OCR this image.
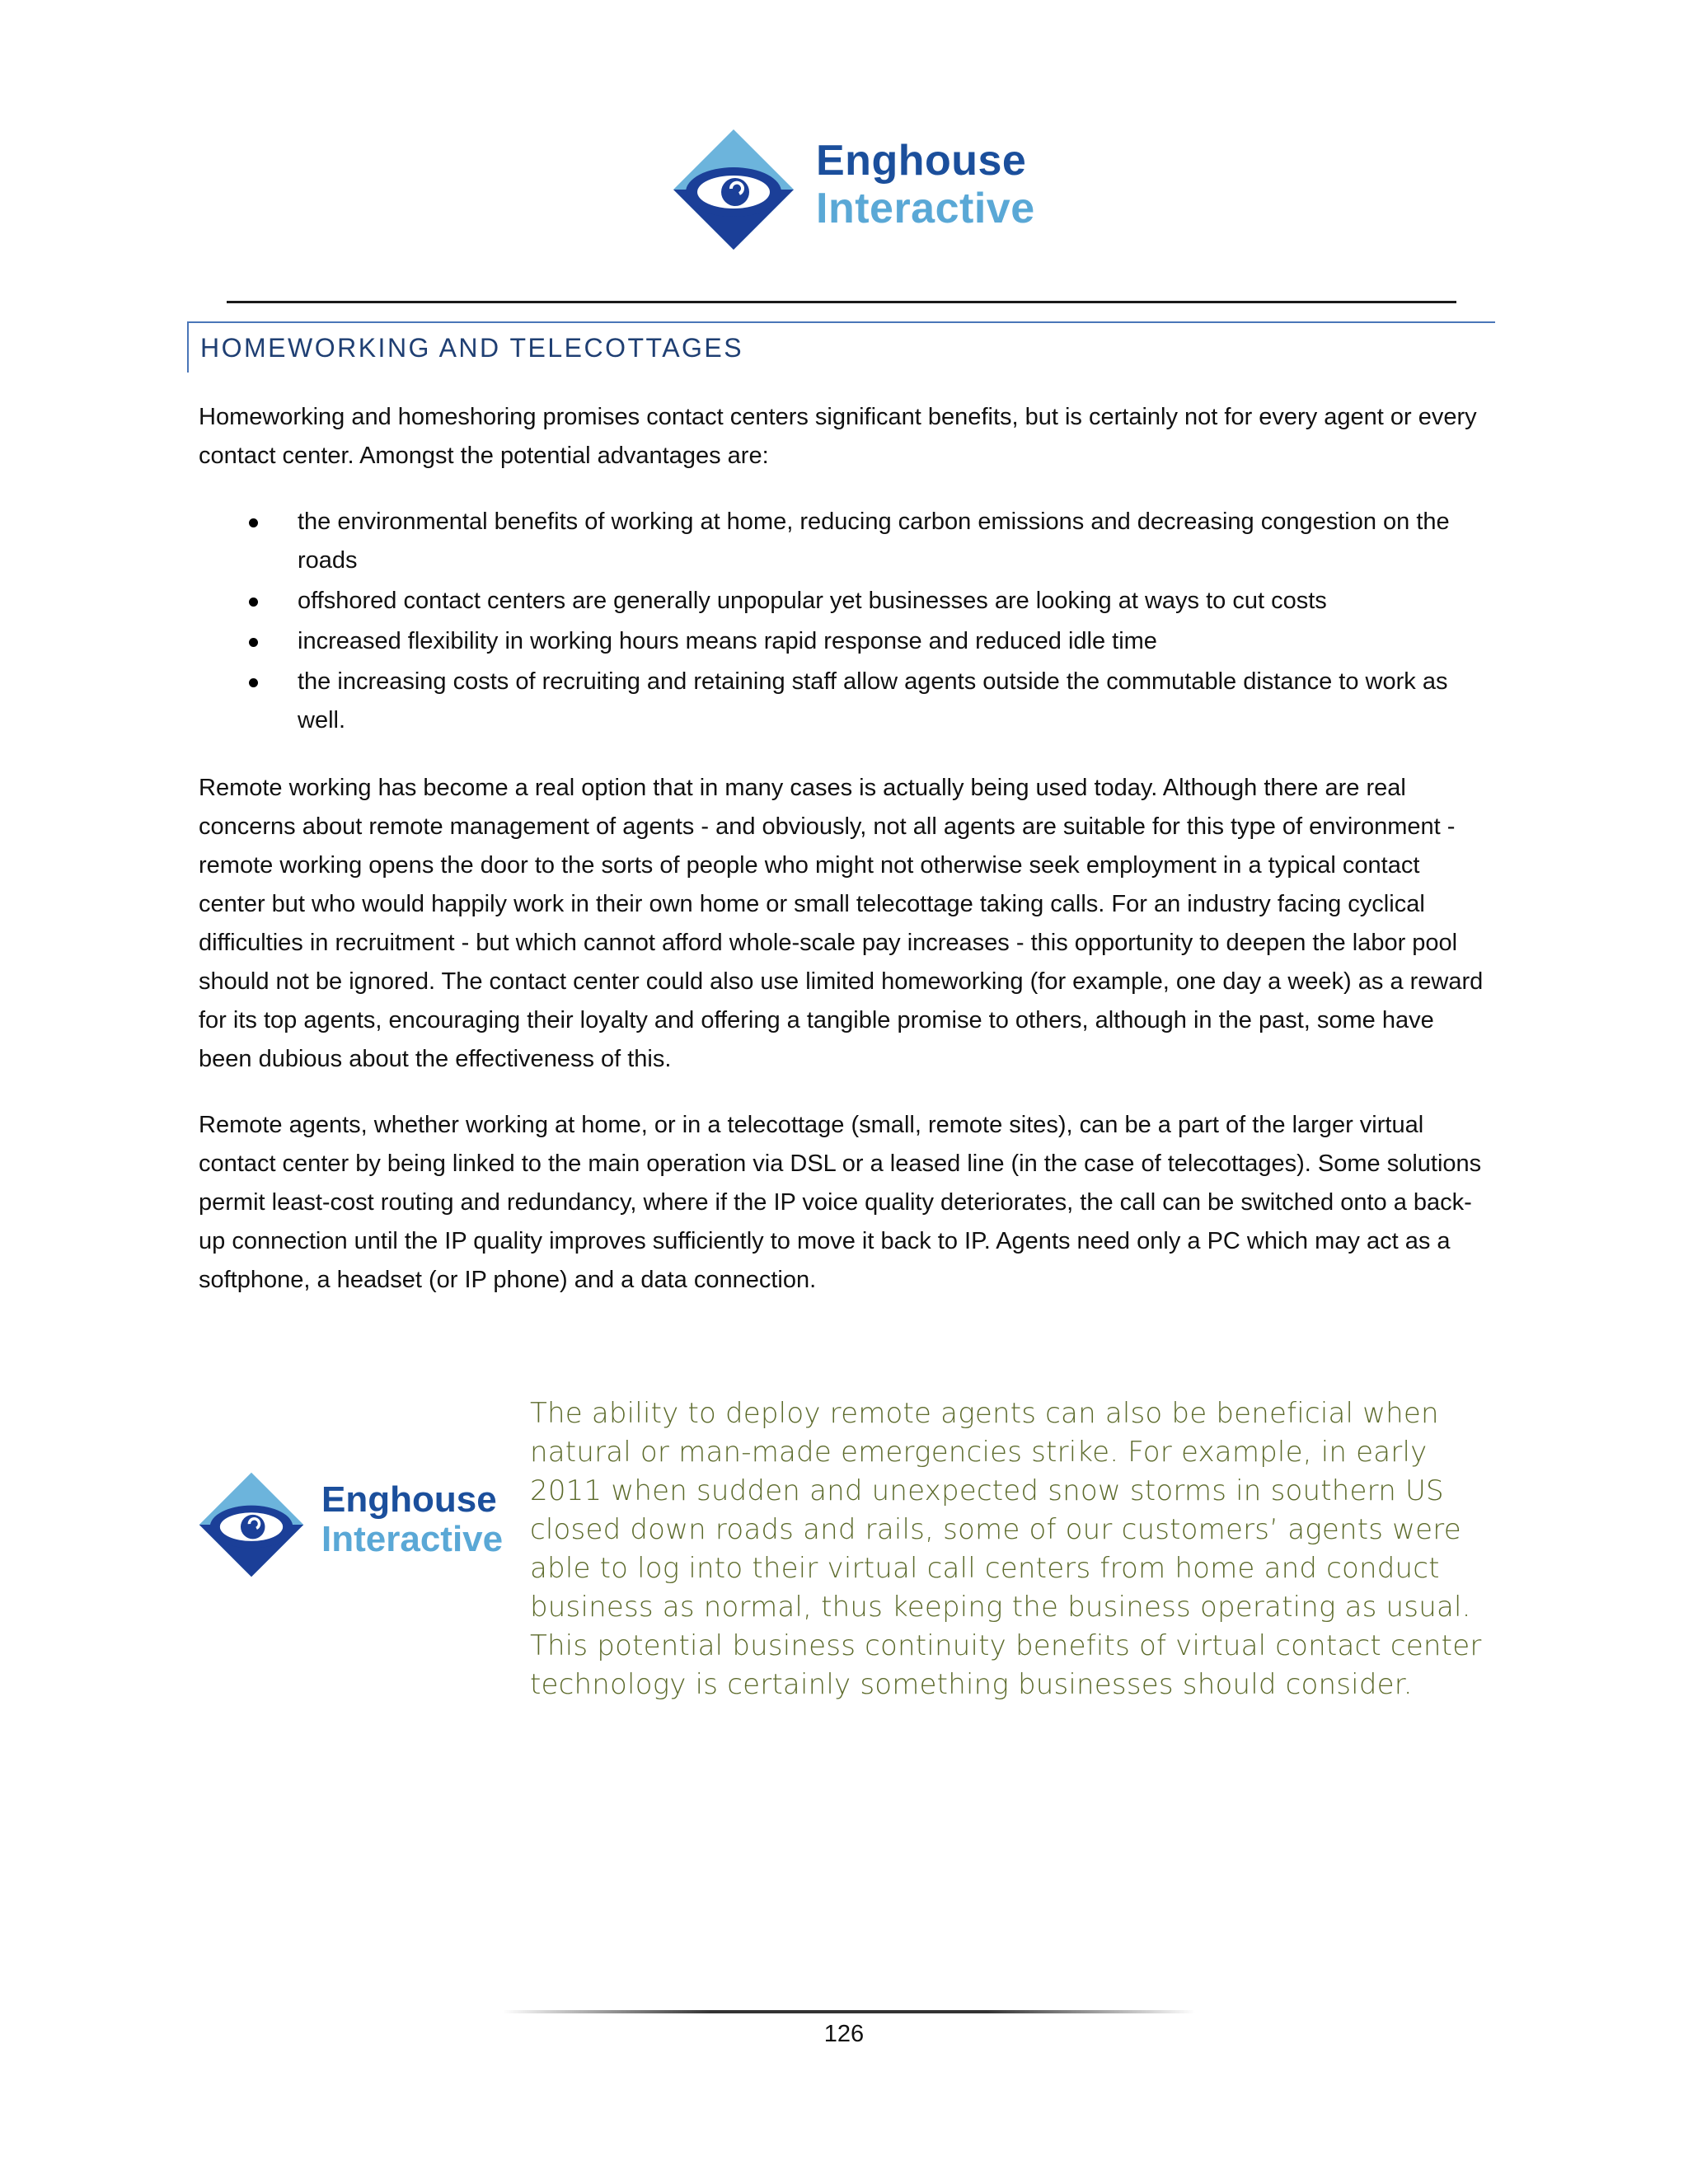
Enghouse
Interactive
HOMEWORKING AND TELECOTTAGES
Homeworking and homeshoring promises contact centers significant benefits, but is certainly not for every agent or every contact center. Amongst the potential advantages are:
the environmental benefits of working at home, reducing carbon emissions and decreasing congestion on the roads
offshored contact centers are generally unpopular yet businesses are looking at ways to cut costs
increased flexibility in working hours means rapid response and reduced idle time
the increasing costs of recruiting and retaining staff allow agents outside the commutable distance to work as well.
Remote working has become a real option that in many cases is actually being used today. Although there are real concerns about remote management of agents - and obviously, not all agents are suitable for this type of environment - remote working opens the door to the sorts of people who might not otherwise seek employment in a typical contact center but who would happily work in their own home or small telecottage taking calls. For an industry facing cyclical difficulties in recruitment - but which cannot afford whole-scale pay increases - this opportunity to deepen the labor pool should not be ignored. The contact center could also use limited homeworking (for example, one day a week) as a reward for its top agents, encouraging their loyalty and offering a tangible promise to others, although in the past, some have been dubious about the effectiveness of this.
Remote agents, whether working at home, or in a telecottage (small, remote sites), can be a part of the larger virtual contact center by being linked to the main operation via DSL or a leased line (in the case of telecottages). Some solutions permit least-cost routing and redundancy, where if the IP voice quality deteriorates, the call can be switched onto a back-up connection until the IP quality improves sufficiently to move it back to IP. Agents need only a PC which may act as a softphone, a headset (or IP phone) and a data connection.
Enghouse
Interactive
The ability to deploy remote agents can also be beneficial when natural or man-made emergencies strike. For example, in early 2011 when sudden and unexpected snow storms in southern US closed down roads and rails, some of our customers’ agents were able to log into their virtual call centers from home and conduct business as normal, thus keeping the business operating as usual. This potential business continuity benefits of virtual contact center technology is certainly something businesses should consider.
126
